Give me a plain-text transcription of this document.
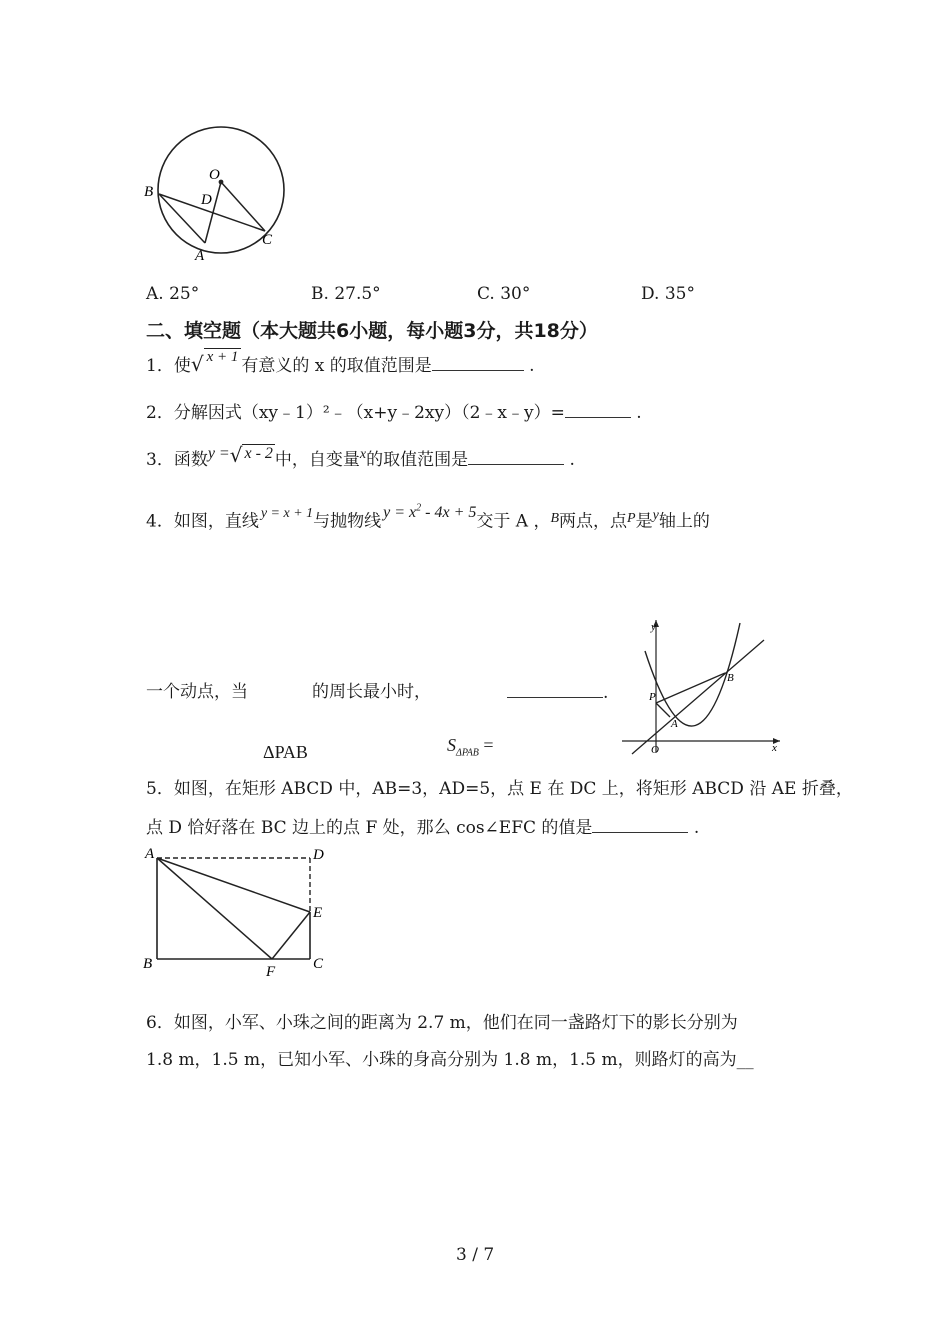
O
B	D
A
C
A. 25°	B. 27.5°	C. 30°	D. 35°
二、填空题（本大题共6小题，每小题3分，共18分）
1．使√ x + 1 有意义的 x 的取值范围是	.
2．分解因式（xy﹣1）²﹣（x+y﹣2xy）（2﹣x﹣y）=	.
3．函数y =√ x - 2 中，自变量$^x$的取值范围是	.
4．如图，直线 $^{y = x + 1}$与抛物线 $y = x^2 - 4x + 5$交于 A ，$^B$两点，点$^P$是$^y$轴上的
一个动点，当	的周长最小时，	.
ΔPAB	$S_{\Delta PAB}$ =
y
x
O
A
B
P
5．如图，在矩形 ABCD 中，AB=3，AD=5，点 E 在 DC 上，将矩形 ABCD 沿 AE 折叠，
点 D 恰好落在 BC 边上的点 F 处，那么 cos∠EFC 的值是	.
A	D
E
B	F	C
6．如图，小军、小珠之间的距离为 2.7 m，他们在同一盏路灯下的影长分别为
1.8 m，1.5 m，已知小军、小珠的身高分别为 1.8 m，1.5 m，则路灯的高为__
3 / 7
